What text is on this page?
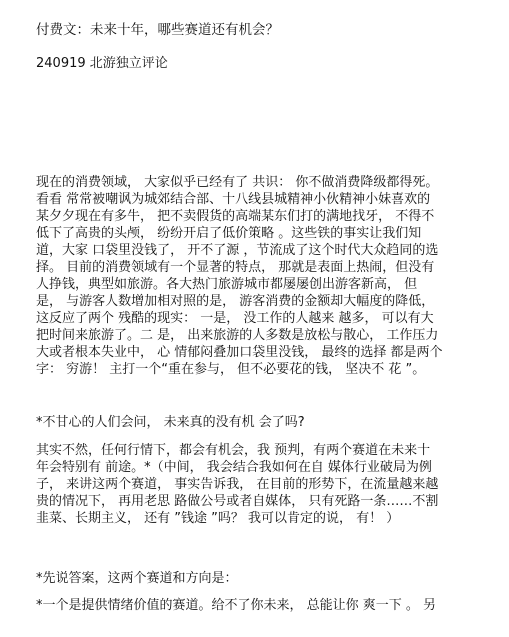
付费文：未来十年，哪些赛道还有机会？
240919 北游独立评论
现在的消费领域， 大家似乎已经有了 共识： 你不做消费降级都得死。
看看 常常被嘲讽为城郊结合部、十八线县城精神小伙精神小妹喜欢的
某夕夕现在有多牛， 把不卖假货的高端某东们打的满地找牙， 不得不
低下了高贵的头颅， 纷纷开启了低价策略 。这些铁的事实让我们知
道，大家 口袋里没钱了， 开不了源 ，节流成了这个时代大众趋同的选
择。 目前的消费领域有一个显著的特点， 那就是表面上热闹，但没有
人挣钱，典型如旅游。各大热门旅游城市都屡屡创出游客新高， 但
是， 与游客人数增加相对照的是， 游客消费的金额却大幅度的降低，
这反应了两个 残酷的现实： 一是， 没工作的人越来 越多， 可以有大
把时间来旅游了。二 是， 出来旅游的人多数是放松与散心， 工作压力
大或者根本失业中， 心 情郁闷叠加口袋里没钱， 最终的选择 都是两个
字： 穷游！ 主打一个“重在参与， 但不必要花的钱， 坚决不 花 ”。
*不甘心的人们会问， 未来真的没有机 会了吗?
其实不然，任何行情下，都会有机会，我 预判，有两个赛道在未来十
年会特别有 前途。*（中间， 我会结合我如何在自 媒体行业破局为例
子， 来讲这两个赛道， 事实告诉我， 在目前的形势下，在流量越来越
贵的情况下， 再用老思 路做公号或者自媒体， 只有死路一条……不割
韭菜、长期主义， 还有 ”钱途 ”吗？ 我可以肯定的说， 有！ ）
*先说答案，这两个赛道和方向是：
*一个是提供情绪价值的赛道。给不了你未来， 总能让你 爽一下 。 另
